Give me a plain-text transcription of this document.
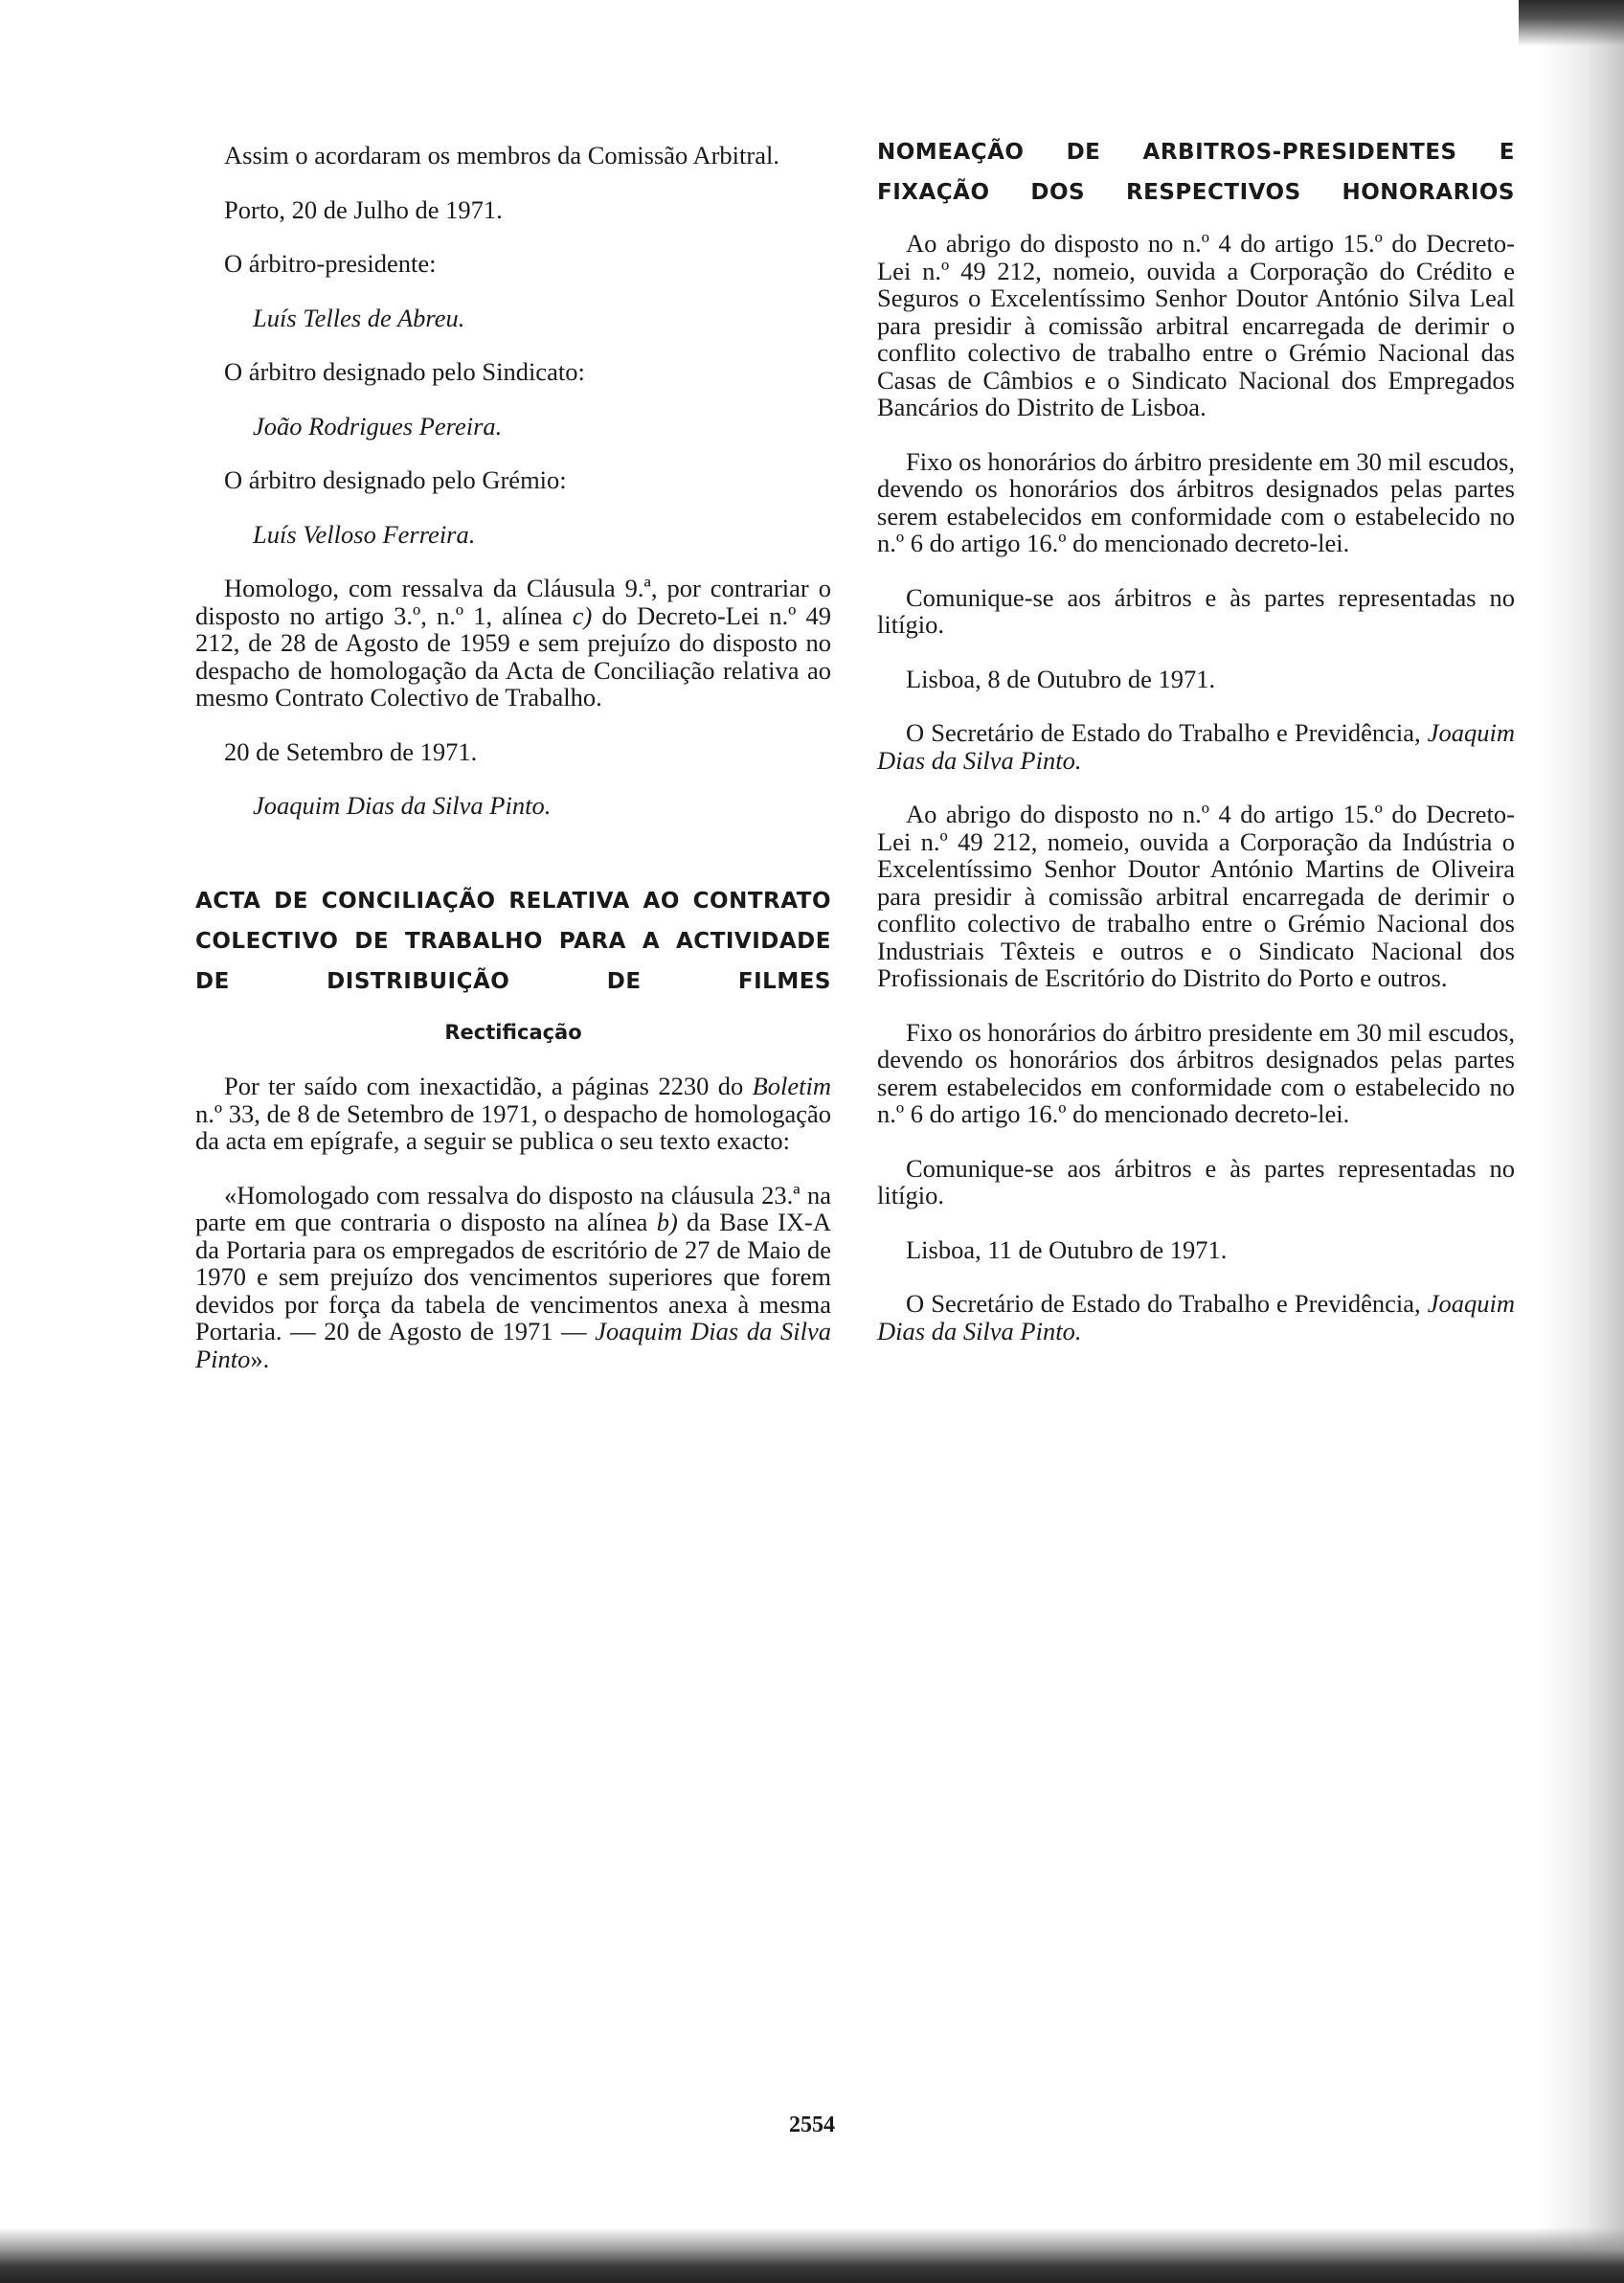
Assim o acordaram os membros da Comissão Arbitral.

Porto, 20 de Julho de 1971.

O árbitro-presidente:

Luís Telles de Abreu.

O árbitro designado pelo Sindicato:

João Rodrigues Pereira.

O árbitro designado pelo Grémio:

Luís Velloso Ferreira.

Homologo, com ressalva da Cláusula 9.ª, por contrariar o disposto no artigo 3.º, n.º 1, alínea c) do Decreto-Lei n.º 49 212, de 28 de Agosto de 1959 e sem prejuízo do disposto no despacho de homologação da Acta de Conciliação relativa ao mesmo Contrato Colectivo de Trabalho.

20 de Setembro de 1971.

Joaquim Dias da Silva Pinto.

ACTA DE CONCILIAÇÃO RELATIVA AO CONTRATO COLECTIVO DE TRABALHO PARA A ACTIVIDADE DE DISTRIBUIÇÃO DE FILMES
Rectificação

Por ter saído com inexactidão, a páginas 2230 do Boletim n.º 33, de 8 de Setembro de 1971, o despacho de homologação da acta em epígrafe, a seguir se publica o seu texto exacto:

«Homologado com ressalva do disposto na cláusula 23.ª na parte em que contraria o disposto na alínea b) da Base IX-A da Portaria para os empregados de escritório de 27 de Maio de 1970 e sem prejuízo dos vencimentos superiores que forem devidos por força da tabela de vencimentos anexa à mesma Portaria. — 20 de Agosto de 1971 — Joaquim Dias da Silva Pinto».

NOMEAÇÃO DE ARBITROS-PRESIDENTES E FIXAÇÃO DOS RESPECTIVOS HONORARIOS

Ao abrigo do disposto no n.º 4 do artigo 15.º do Decreto-Lei n.º 49 212, nomeio, ouvida a Corporação do Crédito e Seguros o Excelentíssimo Senhor Doutor António Silva Leal para presidir à comissão arbitral encarregada de derimir o conflito colectivo de trabalho entre o Grémio Nacional das Casas de Câmbios e o Sindicato Nacional dos Empregados Bancários do Distrito de Lisboa.

Fixo os honorários do árbitro presidente em 30 mil escudos, devendo os honorários dos árbitros designados pelas partes serem estabelecidos em conformidade com o estabelecido no n.º 6 do artigo 16.º do mencionado decreto-lei.

Comunique-se aos árbitros e às partes representadas no litígio.

Lisboa, 8 de Outubro de 1971.

O Secretário de Estado do Trabalho e Previdência, Joaquim Dias da Silva Pinto.

Ao abrigo do disposto no n.º 4 do artigo 15.º do Decreto-Lei n.º 49 212, nomeio, ouvida a Corporação da Indústria o Excelentíssimo Senhor Doutor António Martins de Oliveira para presidir à comissão arbitral encarregada de derimir o conflito colectivo de trabalho entre o Grémio Nacional dos Industriais Têxteis e outros e o Sindicato Nacional dos Profissionais de Escritório do Distrito do Porto e outros.

Fixo os honorários do árbitro presidente em 30 mil escudos, devendo os honorários dos árbitros designados pelas partes serem estabelecidos em conformidade com o estabelecido no n.º 6 do artigo 16.º do mencionado decreto-lei.

Comunique-se aos árbitros e às partes representadas no litígio.

Lisboa, 11 de Outubro de 1971.

O Secretário de Estado do Trabalho e Previdência, Joaquim Dias da Silva Pinto.

2554
